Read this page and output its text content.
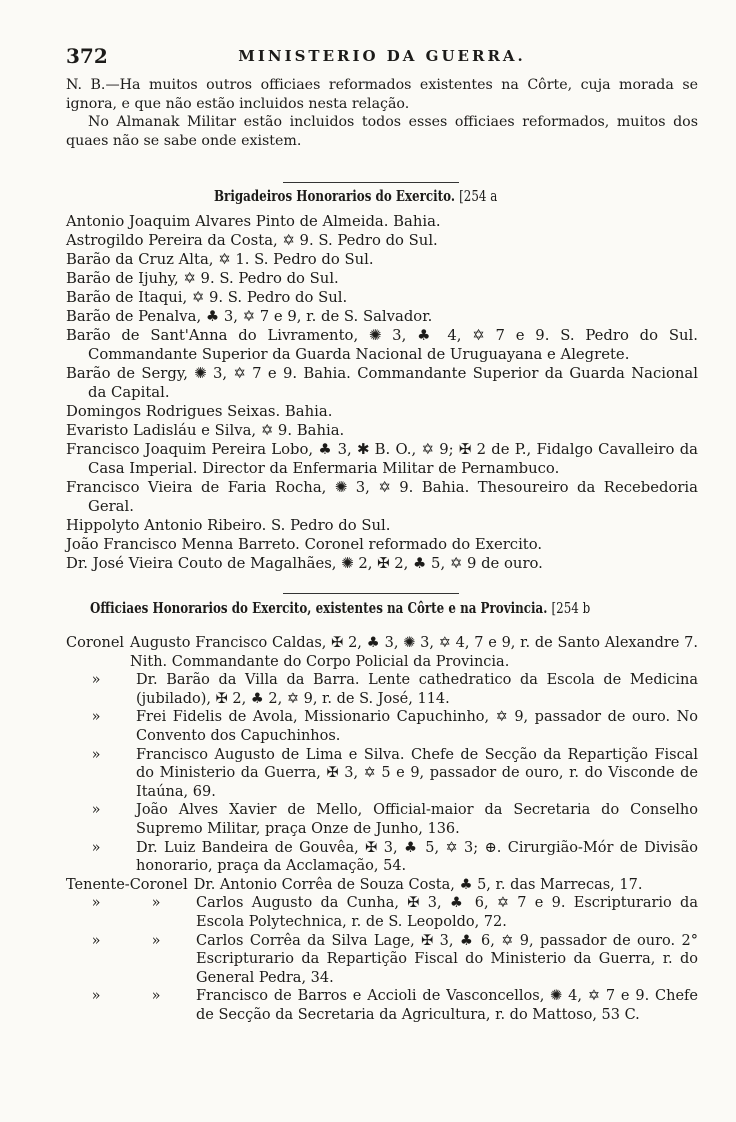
372	MINISTERIO DA GUERRA.

N. B.—Ha muitos outros officiaes reformados existentes na Côrte, cuja morada se ignora, e que não estão incluidos nesta relação.

No Almanak Militar estão incluidos todos esses officiaes reformados, muitos dos quaes não se sabe onde existem.

Brigadeiros Honorarios do Exercito. [254 a
Antonio Joaquim Alvares Pinto de Almeida. Bahia.
Astrogildo Pereira da Costa, ✡ 9. S. Pedro do Sul.
Barão da Cruz Alta, ✡ 1. S. Pedro do Sul.
Barão de Ijuhy, ✡ 9. S. Pedro do Sul.
Barão de Itaqui, ✡ 9. S. Pedro do Sul.
Barão de Penalva, ♣ 3, ✡ 7 e 9, r. de S. Salvador.
Barão de Sant'Anna do Livramento, ✺ 3, ♣ 4, ✡ 7 e 9. S. Pedro do Sul. Commandante Superior da Guarda Nacional de Uruguayana e Alegrete.
Barão de Sergy, ✺ 3, ✡ 7 e 9. Bahia. Commandante Superior da Guarda Nacional da Capital.
Domingos Rodrigues Seixas. Bahia.
Evaristo Ladisláu e Silva, ✡ 9. Bahia.
Francisco Joaquim Pereira Lobo, ♣ 3, ✱ B. O., ✡ 9; ✠ 2 de P., Fidalgo Cavalleiro da Casa Imperial. Director da Enfermaria Militar de Pernambuco.
Francisco Vieira de Faria Rocha, ✺ 3, ✡ 9. Bahia. Thesoureiro da Recebedoria Geral.
Hippolyto Antonio Ribeiro. S. Pedro do Sul.
João Francisco Menna Barreto. Coronel reformado do Exercito.
Dr. José Vieira Couto de Magalhães, ✺ 2, ✠ 2, ♣ 5, ✡ 9 de ouro.
Officiaes Honorarios do Exercito, existentes na Côrte e na Provincia. [254 b
Coronel Augusto Francisco Caldas, ✠ 2, ♣ 3, ✺ 3, ✡ 4, 7 e 9, r. de Santo Alexandre 7. Nith. Commandante do Corpo Policial da Provincia.
»	Dr. Barão da Villa da Barra. Lente cathedratico da Escola de Medicina (jubilado), ✠ 2, ♣ 2, ✡ 9, r. de S. José, 114.
»	Frei Fidelis de Avola, Missionario Capuchinho, ✡ 9, passador de ouro. No Convento dos Capuchinhos.
»	Francisco Augusto de Lima e Silva. Chefe de Secção da Repartição Fiscal do Ministerio da Guerra, ✠ 3, ✡ 5 e 9, passador de ouro, r. do Visconde de Itaúna, 69.
»	João Alves Xavier de Mello, Official-maior da Secretaria do Conselho Supremo Militar, praça Onze de Junho, 136.
»	Dr. Luiz Bandeira de Gouvêa, ✠ 3, ♣ 5, ✡ 3; ⊕. Cirurgião-Mór de Divisão honorario, praça da Acclamação, 54.
Tenente-Coronel Dr. Antonio Corrêa de Souza Costa, ♣ 5, r. das Marrecas, 17.
»	»	Carlos Augusto da Cunha, ✠ 3, ♣ 6, ✡ 7 e 9. Escripturario da Escola Polytechnica, r. de S. Leopoldo, 72.
»	»	Carlos Corrêa da Silva Lage, ✠ 3, ♣ 6, ✡ 9, passador de ouro. 2° Escripturario da Repartição Fiscal do Ministerio da Guerra, r. do General Pedra, 34.
»	»	Francisco de Barros e Accioli de Vasconcellos, ✺ 4, ✡ 7 e 9. Chefe de Secção da Secretaria da Agricultura, r. do Mattoso, 53 C.
